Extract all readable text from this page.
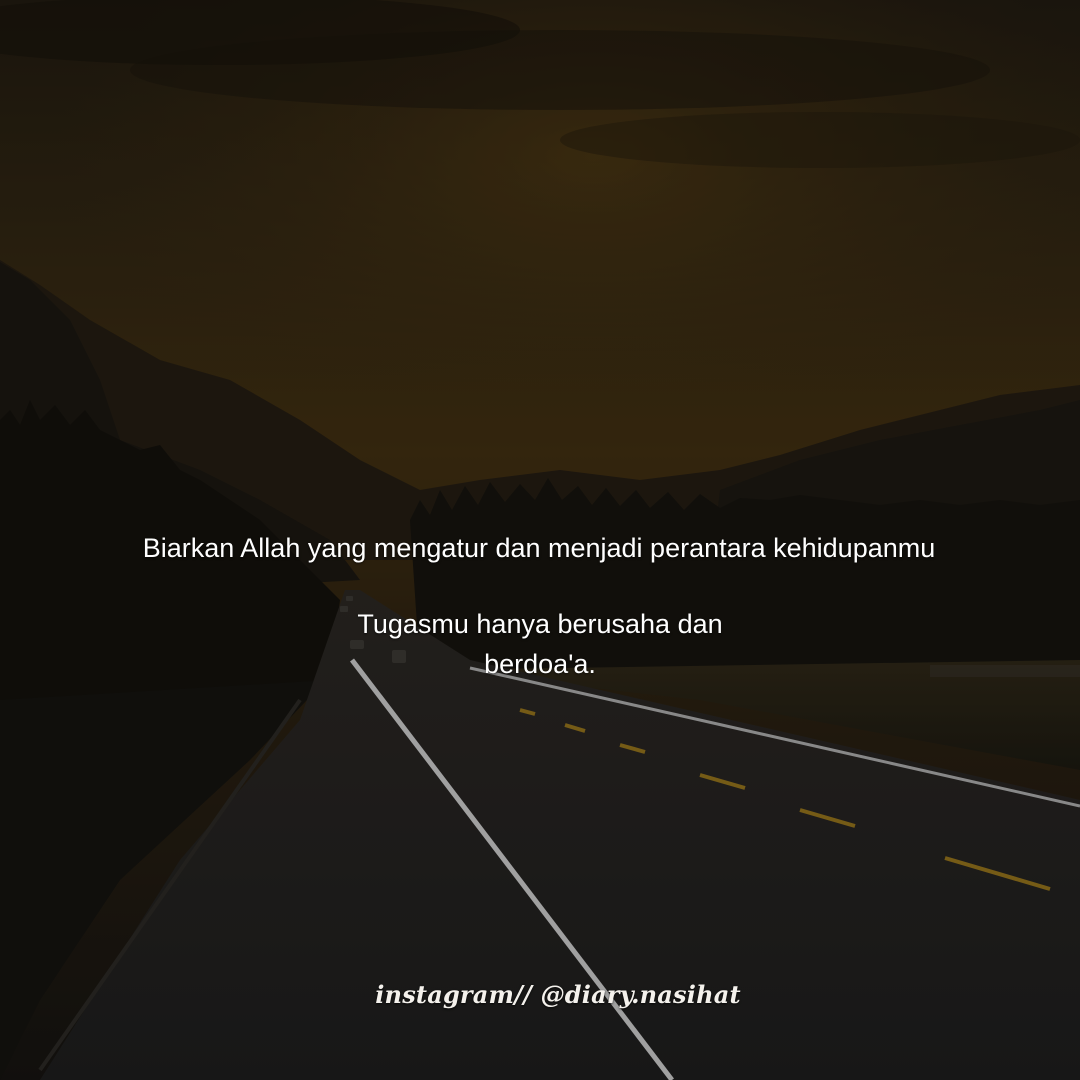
Biarkan Allah yang mengatur dan menjadi perantara kehidupanmu
Tugasmu hanya berusaha dan
berdoa'a.
instagram// @diary.nasihat
